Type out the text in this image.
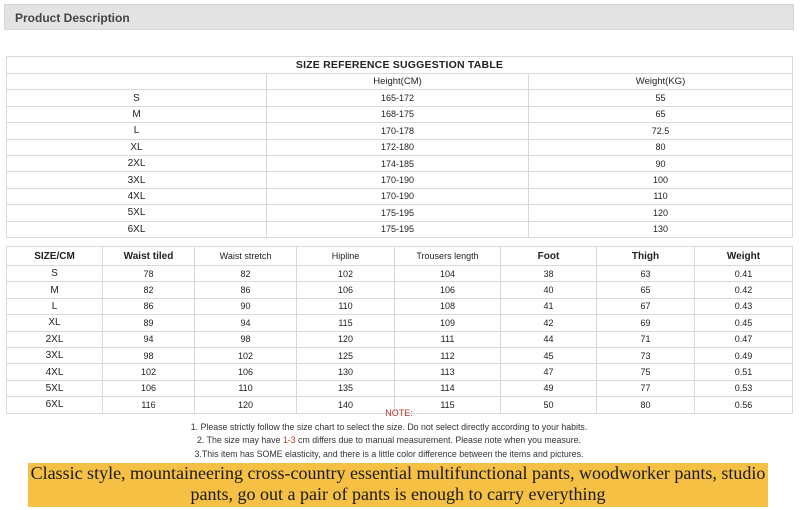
Product Description
SIZE REFERENCE SUGGESTION TABLE		
	Height(CM)	Weight(KG)
S	165-172	55
M	168-175	65
L	170-178	72.5
XL	172-180	80
2XL	174-185	90
3XL	170-190	100
4XL	170-190	110
5XL	175-195	120
6XL	175-195	130
SIZE/CM	Waist tiled	Waist stretch	Hipline	Trousers length	Foot	Thigh	Weight
S	78	82	102	104	38	63	0.41
M	82	86	106	106	40	65	0.42
L	86	90	110	108	41	67	0.43
XL	89	94	115	109	42	69	0.45
2XL	94	98	120	111	44	71	0.47
3XL	98	102	125	112	45	73	0.49
4XL	102	106	130	113	47	75	0.51
5XL	106	110	135	114	49	77	0.53
6XL	116	120	140	115	50	80	0.56
NOTE:
1. Please strictly follow the size chart to select the size. Do not select directly according to your habits.
2. The size may have 1-3 cm differs due to manual measurement. Please note when you measure.
3.This item has SOME elasticity, and there is a little color difference between the items and pictures.
Classic style, mountaineering cross-country essential multifunctional pants, woodworker pants, studio pants, go out a pair of pants is enough to carry everything
